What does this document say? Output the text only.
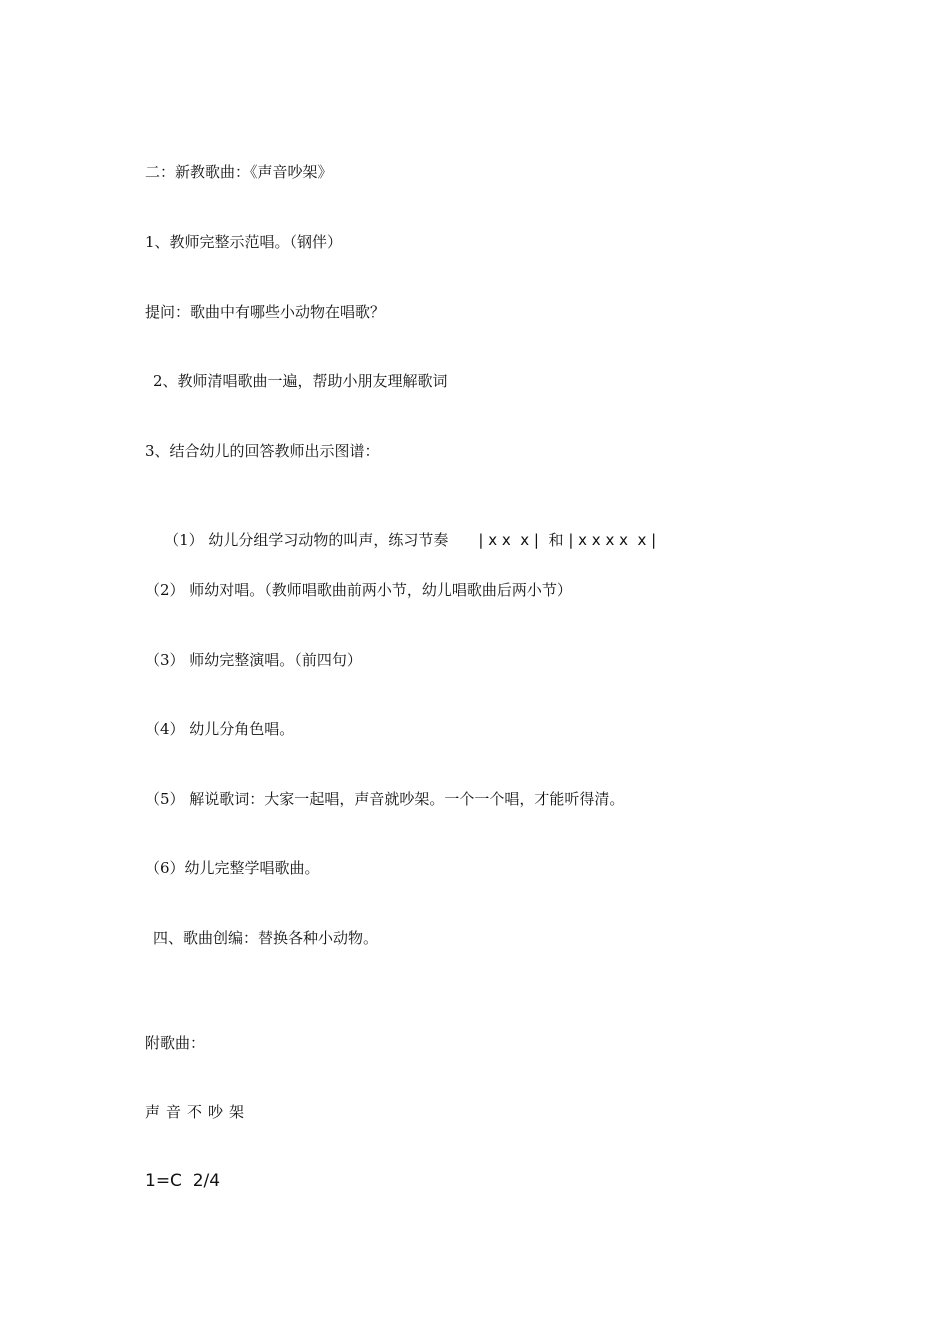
二：新教歌曲：《声音吵架》
1、教师完整示范唱。（钢伴）
提问：歌曲中有哪些小动物在唱歌？
2、教师清唱歌曲一遍，帮助小朋友理解歌词
3、结合幼儿的回答教师出示图谱：

（1） 幼儿分组学习动物的叫声，练习节奏 | x x  x | 和 | x x x x  x |

（2） 师幼对唱。（教师唱歌曲前两小节，幼儿唱歌曲后两小节）
（3） 师幼完整演唱。（前四句）
（4） 幼儿分角色唱。
（5） 解说歌词：大家一起唱，声音就吵架。一个一个唱，才能听得清。
（6）幼儿完整学唱歌曲。
四、歌曲创编：替换各种小动物。
附歌曲：
声音不吵架
1=C  2/4
